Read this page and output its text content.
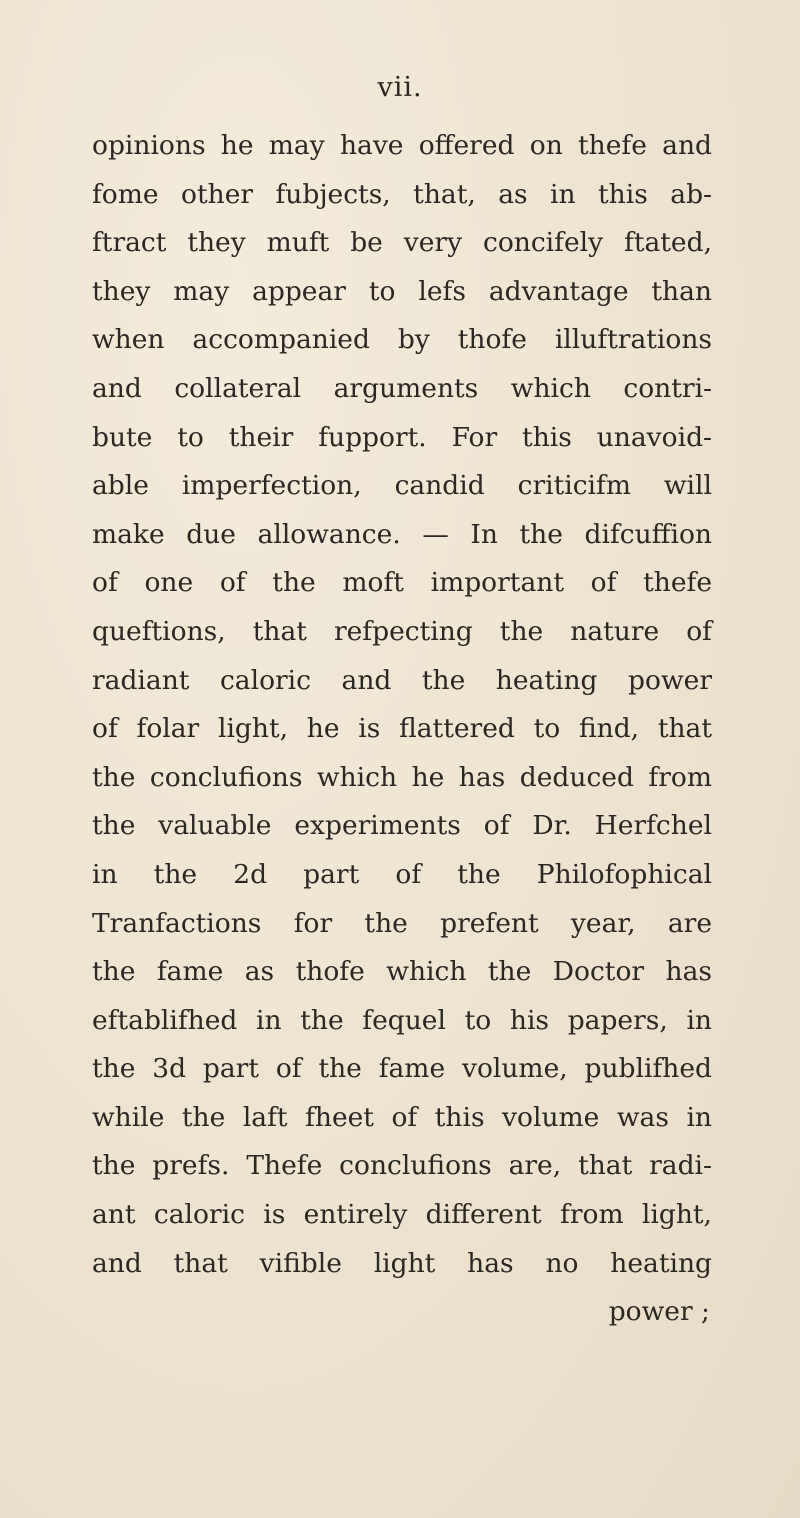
vii.
opinions he may have offered on thefe and
fome other fubjects, that, as in this ab-
ftract they muft be very concifely ftated,
they may appear to lefs advantage than
when accompanied by thofe illuftrations
and collateral arguments which contri-
bute to their fupport. For this unavoid-
able imperfection, candid criticifm will
make due allowance. — In the difcuffion
of one of the moft important of thefe
queftions, that refpecting the nature of
radiant caloric and the heating power
of folar light, he is flattered to find, that
the conclufions which he has deduced from
the valuable experiments of Dr. Herfchel
in the 2d part of the Philofophical
Tranfactions for the prefent year, are
the fame as thofe which the Doctor has
eftablifhed in the fequel to his papers, in
the 3d part of the fame volume, publifhed
while the laft fheet of this volume was in
the prefs. Thefe conclufions are, that radi-
ant caloric is entirely different from light,
and that vifible light has no heating
power ;
